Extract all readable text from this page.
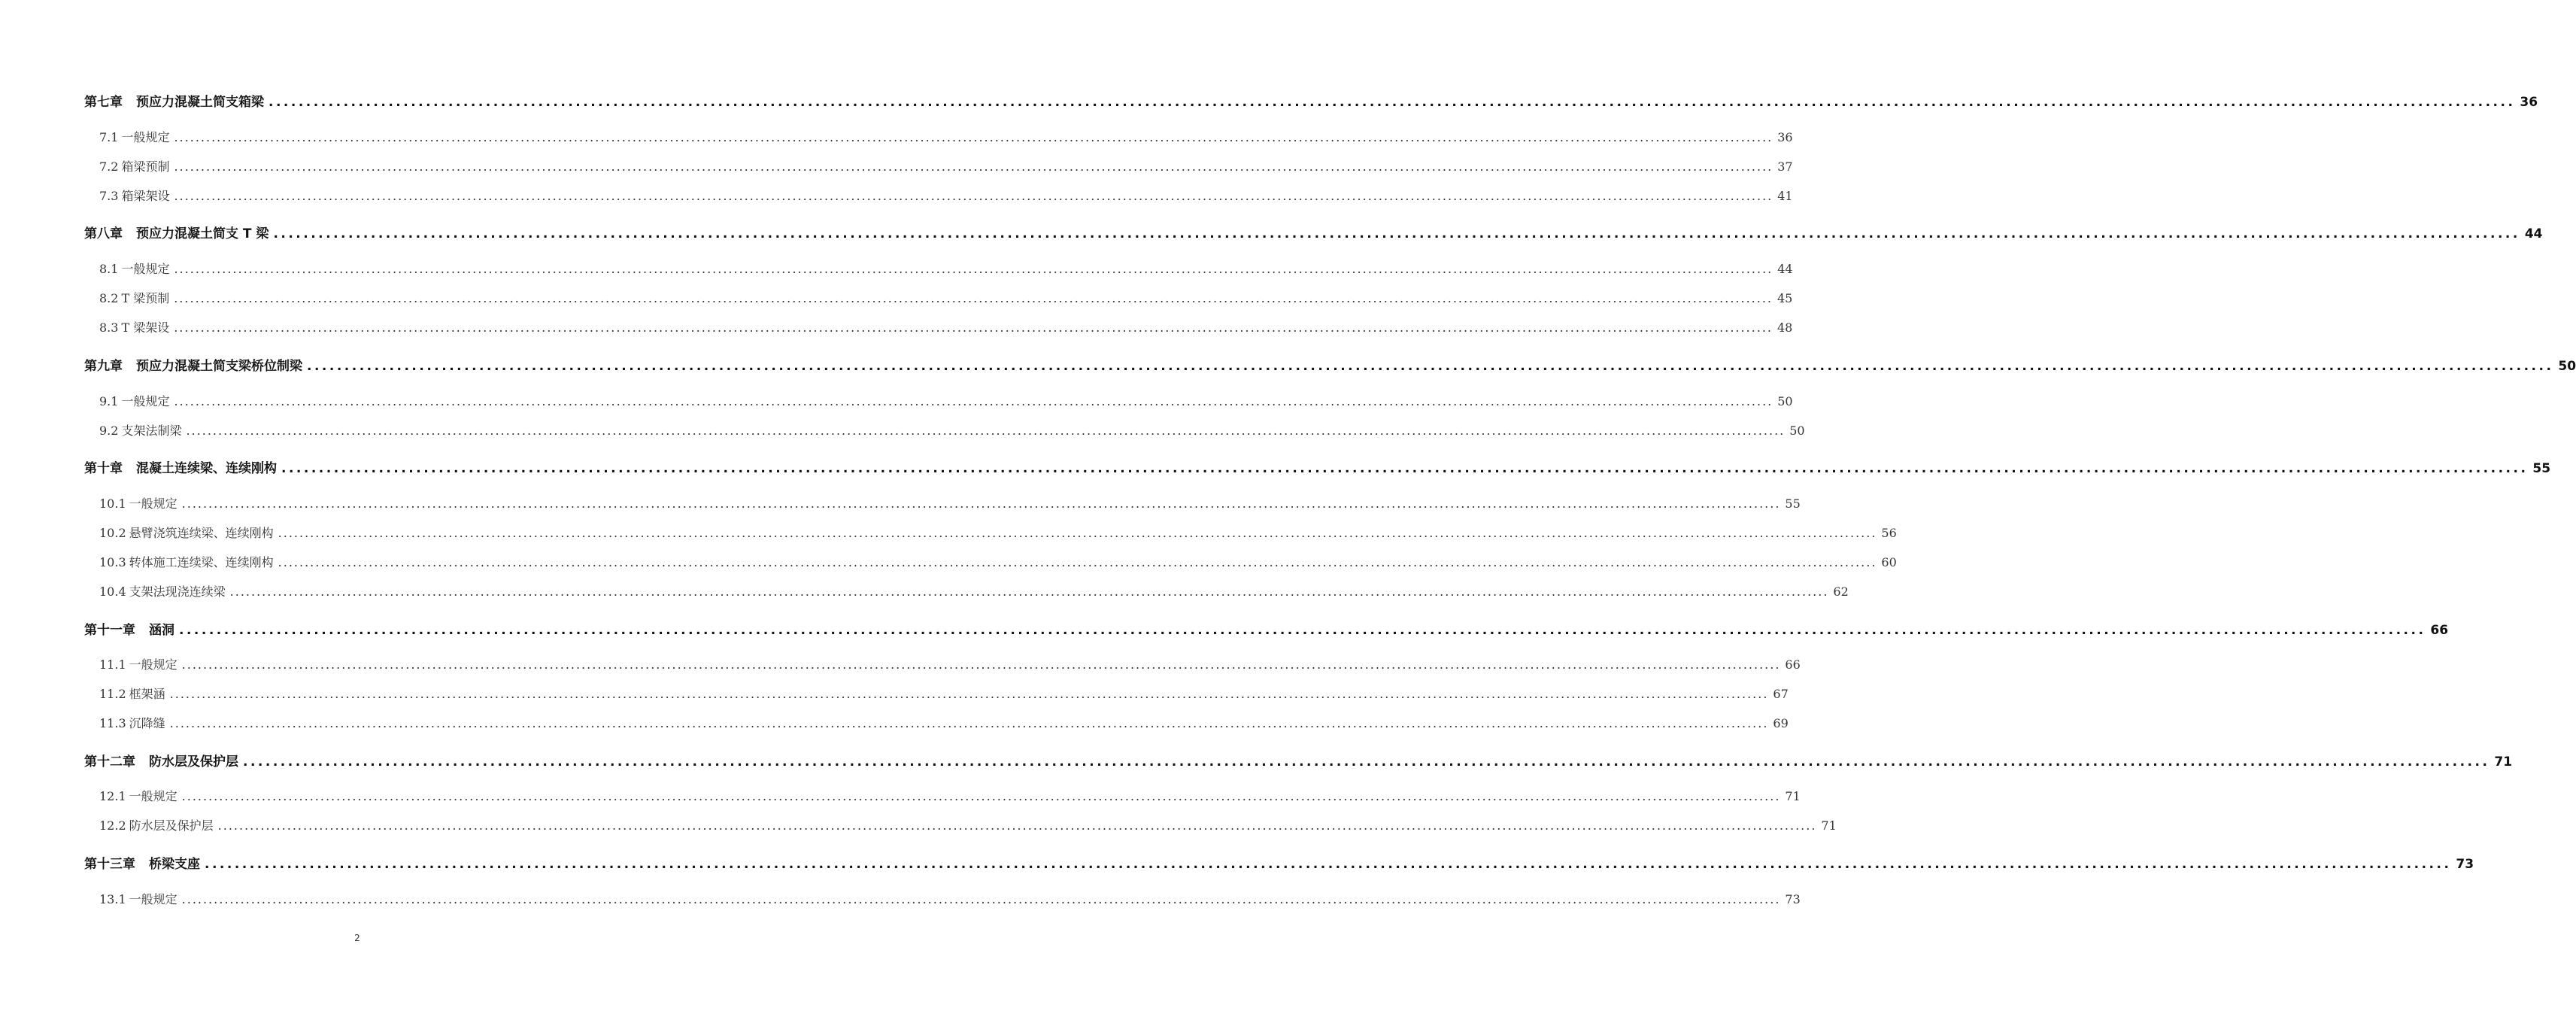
第七章 预应力混凝土简支箱梁 ............................................................................................................................................................................................................................................................................................................ 36
7.1 一般规定 ............................................................................................................................................................................................................................................................................................................ 36
7.2 箱梁预制 ............................................................................................................................................................................................................................................................................................................ 37
7.3 箱梁架设 ............................................................................................................................................................................................................................................................................................................ 41
第八章 预应力混凝土简支 T 梁 ............................................................................................................................................................................................................................................................................................................ 44
8.1 一般规定 ............................................................................................................................................................................................................................................................................................................ 44
8.2 T 梁预制 ............................................................................................................................................................................................................................................................................................................ 45
8.3 T 梁架设 ............................................................................................................................................................................................................................................................................................................ 48
第九章 预应力混凝土简支梁桥位制梁 ............................................................................................................................................................................................................................................................................................................ 50
9.1 一般规定 ............................................................................................................................................................................................................................................................................................................ 50
9.2 支架法制梁 ............................................................................................................................................................................................................................................................................................................ 50
第十章 混凝土连续梁、连续刚构 ............................................................................................................................................................................................................................................................................................................ 55
10.1 一般规定 ............................................................................................................................................................................................................................................................................................................ 55
10.2 悬臂浇筑连续梁、连续刚构 ............................................................................................................................................................................................................................................................................................................ 56
10.3 转体施工连续梁、连续刚构 ............................................................................................................................................................................................................................................................................................................ 60
10.4 支架法现浇连续梁 ............................................................................................................................................................................................................................................................................................................ 62
第十一章 涵洞 ............................................................................................................................................................................................................................................................................................................ 66
11.1 一般规定 ............................................................................................................................................................................................................................................................................................................ 66
11.2 框架涵 ............................................................................................................................................................................................................................................................................................................ 67
11.3 沉降缝 ............................................................................................................................................................................................................................................................................................................ 69
第十二章 防水层及保护层 ............................................................................................................................................................................................................................................................................................................ 71
12.1 一般规定 ............................................................................................................................................................................................................................................................................................................ 71
12.2 防水层及保护层 ............................................................................................................................................................................................................................................................................................................ 71
第十三章 桥梁支座 ............................................................................................................................................................................................................................................................................................................ 73
13.1 一般规定 ............................................................................................................................................................................................................................................................................................................ 73
2
